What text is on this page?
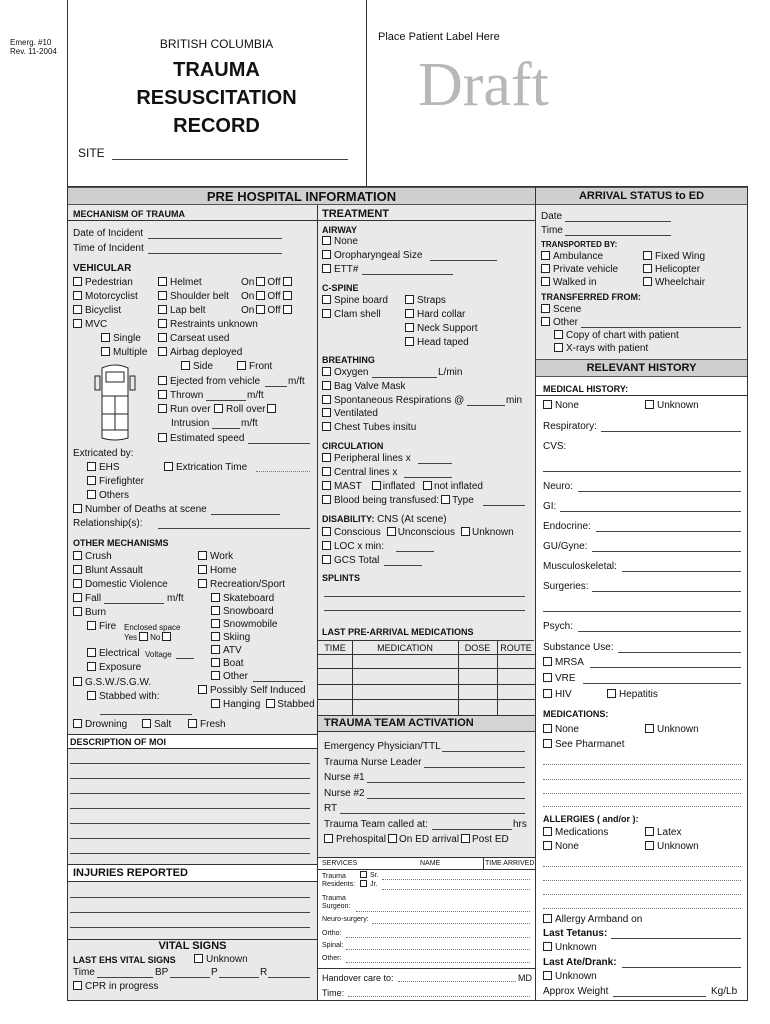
Emerg. #10
Rev. 11-2004
BRITISH COLUMBIA
TRAUMA
RESUSCITATION
RECORD
SITE
Place Patient Label Here
Draft
PRE HOSPITAL INFORMATION	ARRIVAL STATUS to ED
MECHANISM OF TRAUMA
Date of Incident
Time of Incident
VEHICULAR
Pedestrian
Motorcyclist
Bicyclist
MVC
Single
Multiple
Helmet	On Off
Shoulder belt On Off
Lap belt	On Off
Restraints unknown
Carseat used
Airbag deployed
Side	Front
Ejected from vehicle	m/ft
Thrown	m/ft
Run over	Roll over
Intrusion	m/ft
Estimated speed
Extricated by:
EHS	Extrication Time
Firefighter
Others
Number of Deaths at scene
Relationship(s):
OTHER MECHANISMS
Crush
Blunt Assault
Domestic Violence
Fall	m/ft
Burn
Fire Enclosed space
Yes No
Electrical Voltage
Exposure
G.S.W./S.G.W.
Stabbed with:
Work
Home
Recreation/Sport
Skateboard
Snowboard
Snowmobile
Skiing
ATV
Boat
Other
Possibly Self Induced
Hanging Stabbed
Drowning	Salt	Fresh
DESCRIPTION OF MOI
INJURIES REPORTED
VITAL SIGNS
LAST EHS VITAL SIGNS	Unknown
Time	BP	P	R
CPR in progress
TREATMENT
AIRWAY
None
Oropharyngeal Size
ETT#
C-SPINE
Spine board
Clam shell
Straps
Hard collar
Neck Support
Head taped
BREATHING
Oxygen	L/min
Bag Valve Mask
Spontaneous Respirations @	min
Ventilated
Chest Tubes insitu
CIRCULATION
Peripheral lines x
Central lines x
MAST inflated not inflated
Blood being transfused: Type
DISABILITY: CNS (At scene)
Conscious Unconscious Unknown
LOC x min:
GCS Total
SPLINTS
LAST PRE-ARRIVAL MEDICATIONS
TIME	MEDICATION	DOSE	ROUTE
TRAUMA TEAM ACTIVATION
Emergency Physician/TTL
Trauma Nurse Leader
Nurse #1
Nurse #2
RT
Trauma Team called at:	hrs
Prehospital On ED arrival Post ED
SERVICES	NAME	TIME ARRIVED
Trauma
Residents:
Sr.
Jr.
Trauma
Surgeon:
Neuro-surgery:
Ortho:
Spinal:
Other:
Handover care to:	MD
Time:
Date
Time
TRANSPORTED BY:
Ambulance	Fixed Wing
Private vehicle	Helicopter
Walked in	Wheelchair
TRANSFERRED FROM:
Scene
Other
Copy of chart with patient
X-rays with patient
RELEVANT HISTORY
MEDICAL HISTORY:
None	Unknown
Respiratory:
CVS:
Neuro:
GI:
Endocrine:
GU/Gyne:
Musculoskeletal:
Surgeries:
Psych:
Substance Use:
MRSA
VRE
HIV	Hepatitis
MEDICATIONS:
None	Unknown
See Pharmanet
ALLERGIES ( and/or ):
Medications	Latex
None	Unknown
Allergy Armband on
Last Tetanus:
Unknown
Last Ate/Drank:
Unknown
Approx Weight	Kg/Lb
